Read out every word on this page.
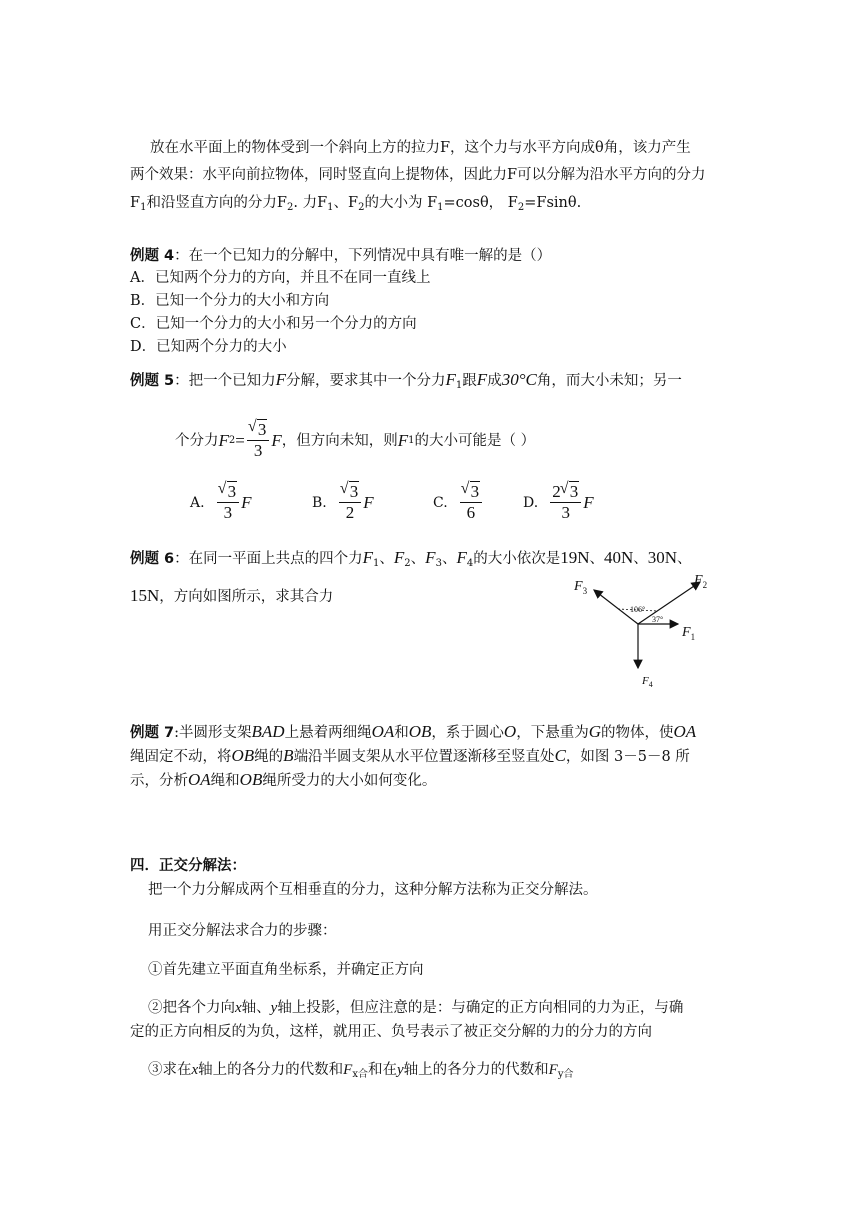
放在水平面上的物体受到一个斜向上方的拉力F，这个力与水平方向成θ角，该力产生
两个效果：水平向前拉物体，同时竖直向上提物体，因此力F可以分解为沿水平方向的分力
$F_1$和沿竖直方向的分力$F_2$. 力$F_1$、$F_2$的大小为 $F_1=\cos\theta$， $F_2=Fsin\theta$.
例题 4：在一个已知力的分解中，下列情况中具有唯一解的是（）
A．已知两个分力的方向，并且不在同一直线上
B．已知一个分力的大小和方向
C．已知一个分力的大小和另一个分力的方向
D．已知两个分力的大小
例题 5：把一个已知力F分解，要求其中一个分力$F_1$跟F成30°C角，而大小未知；另一
个分力 F $2 = \frac{√ 3}{3}$ F ，但方向未知，则 F 1 的大小可能是（ ）
A. $\frac{√ 3}{3}$ F	B. $\frac{√ 3}{2}$ F	C. $\frac{√ 3}{6}$	D. $\frac{2 √ 3}{3}$ F
例题 6：在同一平面上共点的四个力$F_1$、$F_2$、$F_3$、$F_4$的大小依次是19N、40N、30N、
15N，方向如图所示，求其合力
$F_3$
$F_2$
$F_1$
$F_4$
106°
37°
例题 7:半圆形支架BAD上悬着两细绳OA和OB，系于圆心O，下悬重为G的物体，使OA
绳固定不动，将OB绳的B端沿半圆支架从水平位置逐渐移至竖直处C，如图 3－5－8 所
示，分析OA绳和OB绳所受力的大小如何变化。
四．正交分解法：
把一个力分解成两个互相垂直的分力，这种分解方法称为正交分解法。
用正交分解法求合力的步骤：
①首先建立平面直角坐标系，并确定正方向
②把各个力向x轴、y轴上投影，但应注意的是：与确定的正方向相同的力为正，与确
定的正方向相反的为负，这样，就用正、负号表示了被正交分解的力的分力的方向
③求在x轴上的各分力的代数和$F_{x合}$和在y轴上的各分力的代数和$F_{y合}$
